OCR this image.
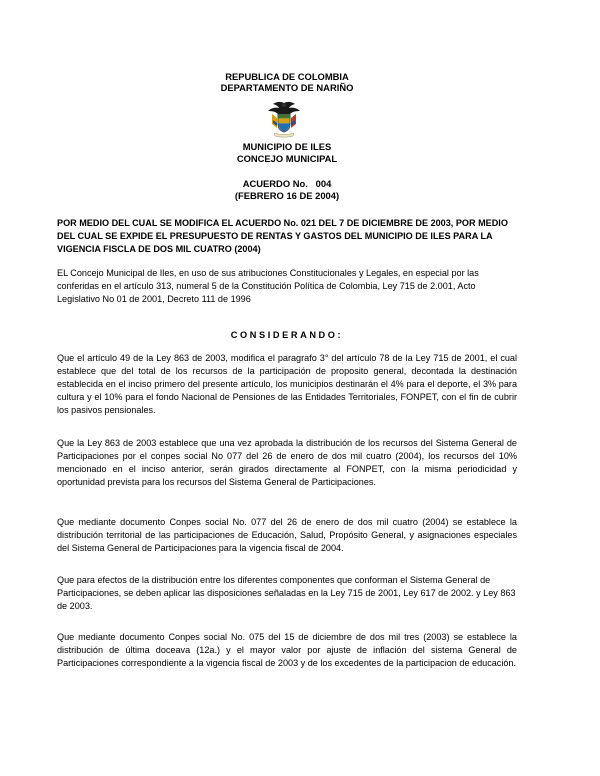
REPUBLICA DE COLOMBIA
DEPARTAMENTO DE NARIÑO
MUNICIPIO DE ILES
CONCEJO MUNICIPAL
ACUERDO No.   004
(FEBRERO 16 DE 2004)
POR MEDIO DEL CUAL SE MODIFICA EL ACUERDO No. 021 DEL 7 DE DICIEMBRE DE 2003, POR MEDIO DEL CUAL SE EXPIDE EL PRESUPUESTO DE RENTAS Y GASTOS DEL MUNICIPIO DE ILES PARA LA VIGENCIA FISCLA DE DOS MIL CUATRO (2004)
EL Concejo Municipal de Iles, en uso de sus atribuciones Constitucionales y Legales, en especial por las conferidas en el artículo 313, numeral 5 de la Constitución Política de Colombia, Ley 715 de 2.001, Acto Legislativo No 01 de 2001, Decreto 111 de 1996
CONSIDERANDO:
Que el artículo 49 de la Ley 863 de 2003, modifica el paragrafo 3° del artículo 78 de la Ley 715 de 2001, el cual establece que del total de los recursos de la participación de proposito general, decontada la destinación establecida en el inciso primero del presente artículo, los municipios destinarán el 4% para el deporte, el 3% para cultura y el 10% para el fondo Nacional de Pensiones de las Entidades Territoriales, FONPET, con el fin de cubrir los pasivos pensionales.
Que la Ley 863 de 2003 establece que una vez aprobada la distribución de los recursos del Sistema General de Participaciones por el conpes social No 077 del 26 de enero de dos mil cuatro (2004), los recursos del 10% mencionado en el inciso anterior, serán girados directamente al FONPET, con la misma periodicidad y oportunidad prevista para los recursos del Sistema General de Participaciones.
Que mediante documento Conpes social No. 077 del 26 de enero de dos mil cuatro (2004) se establece la distribución territorial de las participaciones de Educación, Salud, Propósito General, y asignaciones especiales del Sistema General de Participaciones para la vigencia fiscal de 2004.
Que para efectos de la distribución entre los diferentes componentes que conforman el Sistema General de Participaciones, se deben aplicar las disposiciones señaladas en la Ley 715 de 2001, Ley 617 de 2002. y Ley 863 de 2003.
Que mediante documento Conpes social No. 075 del 15 de diciembre de dos mil tres (2003) se establece la distribución de última doceava (12a.) y el mayor valor por ajuste de inflación del sistema General de Participaciones correspondiente a la vigencia fiscal de 2003 y de los excedentes de la participacion de educación.
